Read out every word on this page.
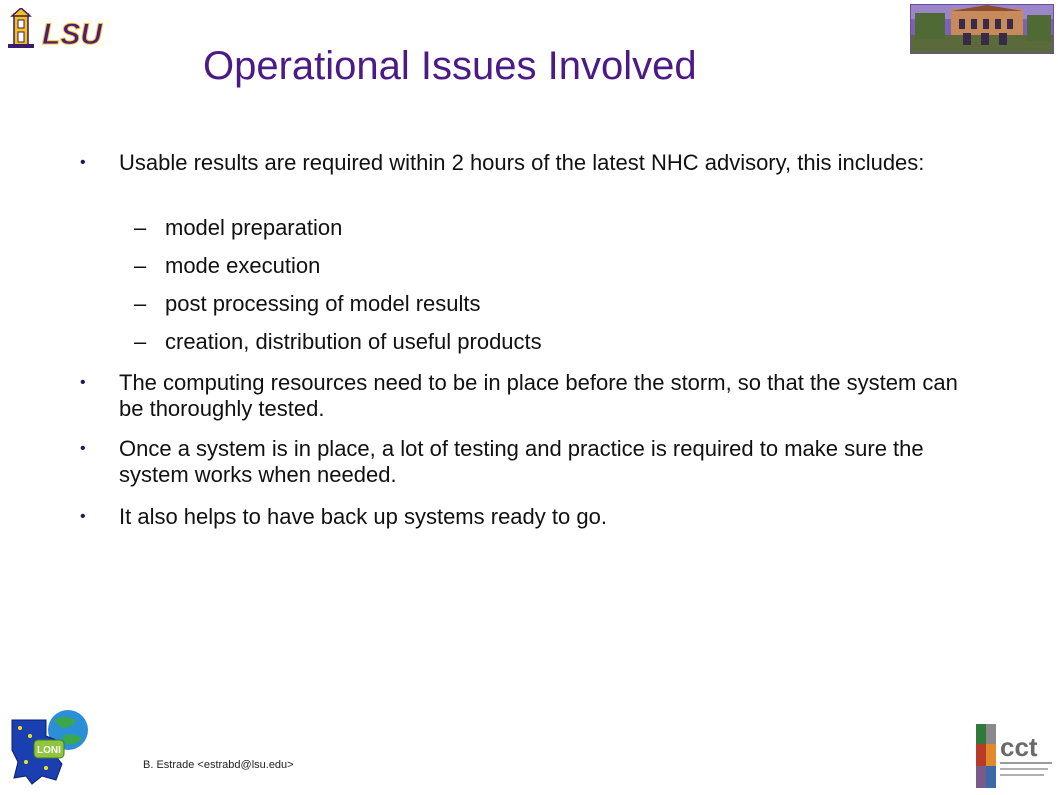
LSU
Operational Issues Involved
•	Usable results are required within 2 hours of the latest NHC advisory, this includes:
– model preparation
– mode execution
– post processing of model results
– creation, distribution of useful products
•	The computing resources need to be in place before the storm, so that the system can be thoroughly tested.
•	Once a system is in place, a lot of testing and practice is required to make sure the system works when needed.
•	It also helps to have back up systems ready to go.
LONI
B. Estrade <estrabd@lsu.edu>
cct
